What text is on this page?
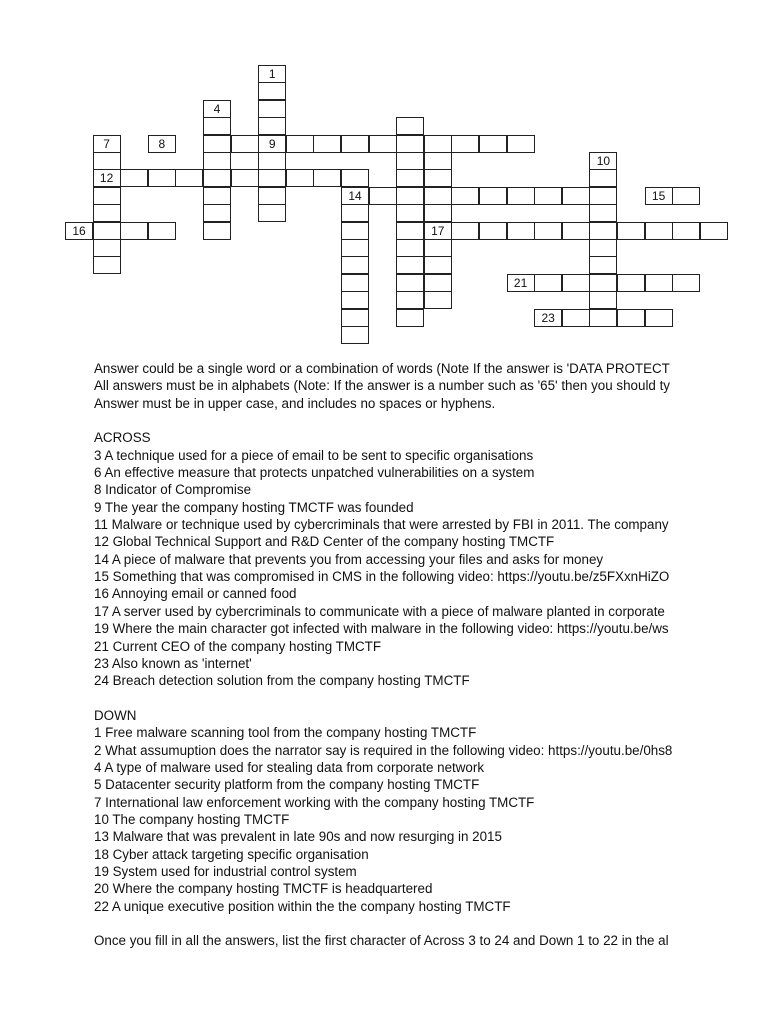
8	9
12
14	15
16	17
21
23
1
4
10
7
Answer could be a single word or a combination of words (Note If the answer is 'DATA PROTECT
All answers must be in alphabets (Note: If the answer is a number such as '65' then you should ty
Answer must be in upper case, and includes no spaces or hyphens.
ACROSS
3 A technique used for a piece of email to be sent to specific organisations
6 An effective measure that protects unpatched vulnerabilities on a system
8 Indicator of Compromise
9 The year the company hosting TMCTF was founded
11 Malware or technique used by cybercriminals that were arrested by FBI in 2011. The company
12 Global Technical Support and R&D Center of the company hosting TMCTF
14 A piece of malware that prevents you from accessing your files and asks for money
15 Something that was compromised in CMS in the following video: https://youtu.be/z5FXxnHiZO
16 Annoying email or canned food
17 A server used by cybercriminals to communicate with a piece of malware planted in corporate
19 Where the main character got infected with malware in the following video: https://youtu.be/ws
21 Current CEO of the company hosting TMCTF
23 Also known as 'internet'
24 Breach detection solution from the company hosting TMCTF
DOWN
1 Free malware scanning tool from the company hosting TMCTF
2 What assumuption does the narrator say is required in the following video: https://youtu.be/0hs8
4 A type of malware used for stealing data from corporate network
5 Datacenter security platform from the company hosting TMCTF
7 International law enforcement working with the company hosting TMCTF
10 The company hosting TMCTF
13 Malware that was prevalent in late 90s and now resurging in 2015
18 Cyber attack targeting specific organisation
19 System used for industrial control system
20 Where the company hosting TMCTF is headquartered
22 A unique executive position within the the company hosting TMCTF
Once you fill in all the answers, list the first character of Across 3 to 24 and Down 1 to 22 in the al
